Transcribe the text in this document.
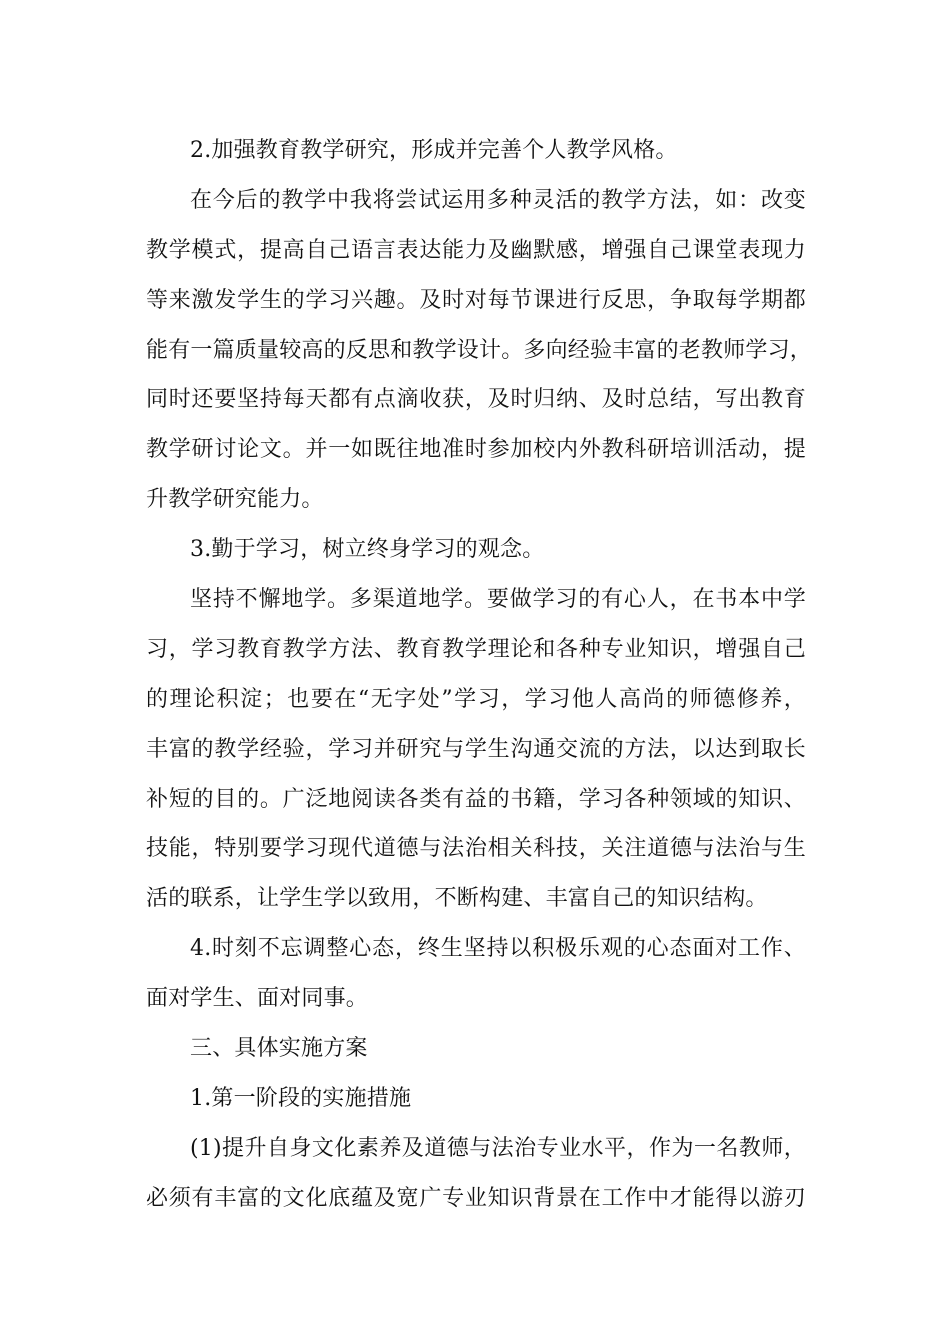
2.加强教育教学研究，形成并完善个人教学风格。
在今后的教学中我将尝试运用多种灵活的教学方法，如：改变
教学模式，提高自己语言表达能力及幽默感，增强自己课堂表现力
等来激发学生的学习兴趣。及时对每节课进行反思，争取每学期都
能有一篇质量较高的反思和教学设计。多向经验丰富的老教师学习，
同时还要坚持每天都有点滴收获，及时归纳、及时总结，写出教育
教学研讨论文。并一如既往地准时参加校内外教科研培训活动，提
升教学研究能力。
3.勤于学习，树立终身学习的观念。
坚持不懈地学。多渠道地学。要做学习的有心人，在书本中学
习，学习教育教学方法、教育教学理论和各种专业知识，增强自己
的理论积淀；也要在“无字处”学习，学习他人高尚的师德修养，
丰富的教学经验，学习并研究与学生沟通交流的方法，以达到取长
补短的目的。广泛地阅读各类有益的书籍，学习各种领域的知识、
技能，特别要学习现代道德与法治相关科技，关注道德与法治与生
活的联系，让学生学以致用，不断构建、丰富自己的知识结构。
4.时刻不忘调整心态，终生坚持以积极乐观的心态面对工作、
面对学生、面对同事。
三、具体实施方案
1.第一阶段的实施措施
(1)提升自身文化素养及道德与法治专业水平，作为一名教师，
必须有丰富的文化底蕴及宽广专业知识背景在工作中才能得以游刃
